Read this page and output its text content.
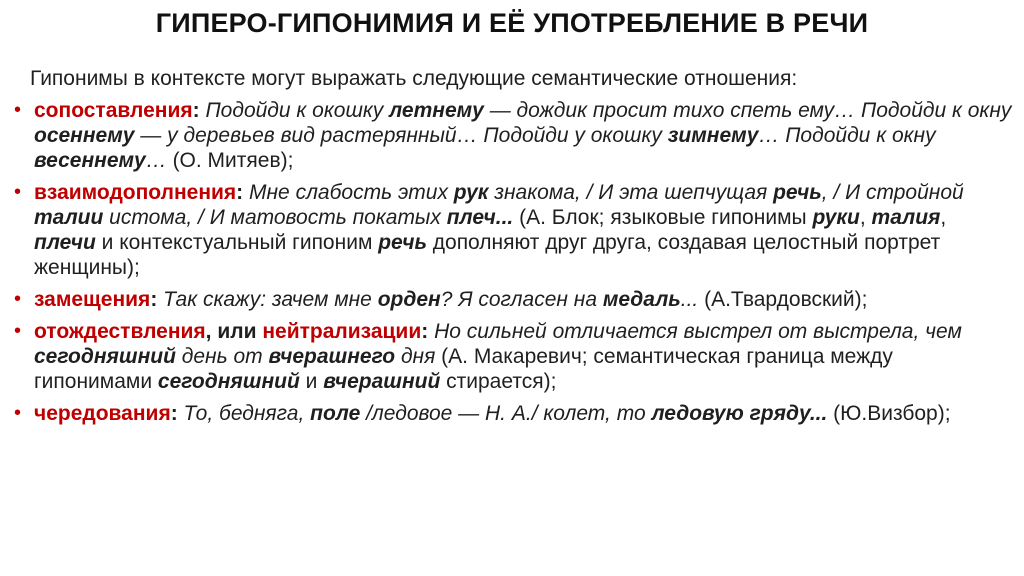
ГИПЕРО-ГИПОНИМИЯ И ЕЁ УПОТРЕБЛЕНИЕ В РЕЧИ
Гипонимы в контексте могут выражать следующие семантические отношения:
• сопоставления: Подойди к окошку летнему — дождик просит тихо спеть ему… Подойди к окну осеннему — у деревьев вид растерянный… Подойди у окошку зимнему… Подойди к окну весеннему… (О. Митяев);
• взаимодополнения: Мне слабость этих рук знакома, / И эта шепчущая речь, / И стройной талии истома, / И матовость покатых плеч... (А. Блок; языковые гипонимы руки, талия, плечи и контекстуальный гипоним речь дополняют друг друга, создавая целостный портрет женщины);
• замещения: Так скажу: зачем мне орден? Я согласен на медаль... (А.Твардовский);
• отождествления, или нейтрализации: Но сильней отличается выстрел от выстрела, чем сегодняшний день от вчерашнего дня (А. Макаревич; семантическая граница между гипонимами сегодняшний и вчерашний стирается);
• чередования: То, бедняга, поле /ледовое — Н. А./ колет, то ледовую гряду... (Ю.Визбор);
